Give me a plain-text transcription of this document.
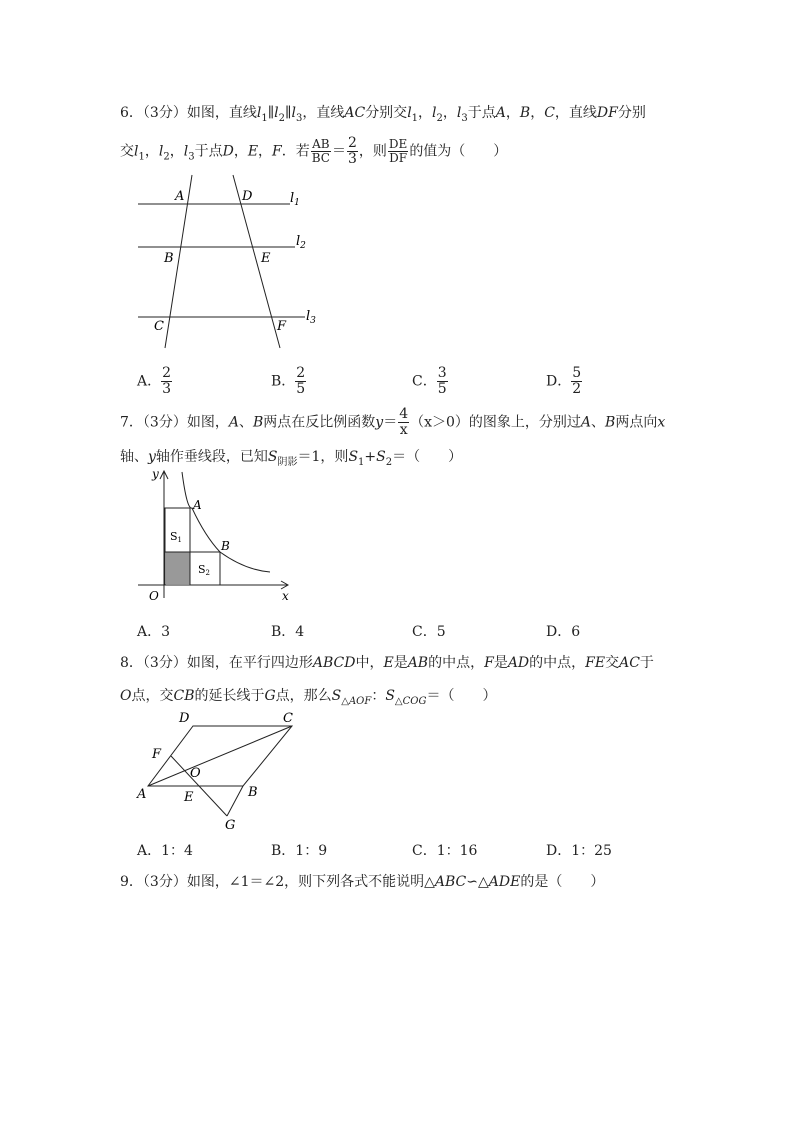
6．（3分）如图，直线$l_1\parallel l_2\parallel l_3$，直线AC分别交$l_1$，$l_2$，$l_3$于点A，B，C，直线DF分别
交$l_1$，$l_2$，$l_3$于点D，E，F．若 $\frac{AB}{BC} = \frac{2}{3}$ ，则 $\frac{DE}{DF}$ 的值为（　　）
A	D	$l_1$
B	E
$l_2$
C	F
$l_3$
A． $\frac{2}{3}$	B． $\frac{2}{5}$	C． $\frac{3}{5}$	D． $\frac{5}{2}$
7．（3分）如图，A、B两点在反比例函数$y= \frac{4}{x} (x>0)$的图象上，分别过A、B两点向x
轴、y轴作垂线段，已知$S_{阴影}=1$，则$S_1+S_2=$（　　）
y
x
O
A
B
S1
S2
A．3	B．4	C．5	D．6
8．（3分）如图，在平行四边形ABCD中，E是AB的中点，F是AD的中点，FE交AC于
O点，交CB的延长线于G点，那么$S_{\triangle AOF}$：$S_{\triangle COG}=$（　　）
D	C
F
O
A	E	B
G
A．1：4	B．1：9	C．1：16	D．1：25
9．（3分）如图，∠1＝∠2，则下列各式不能说明△ABC∽△ADE的是（　　）
